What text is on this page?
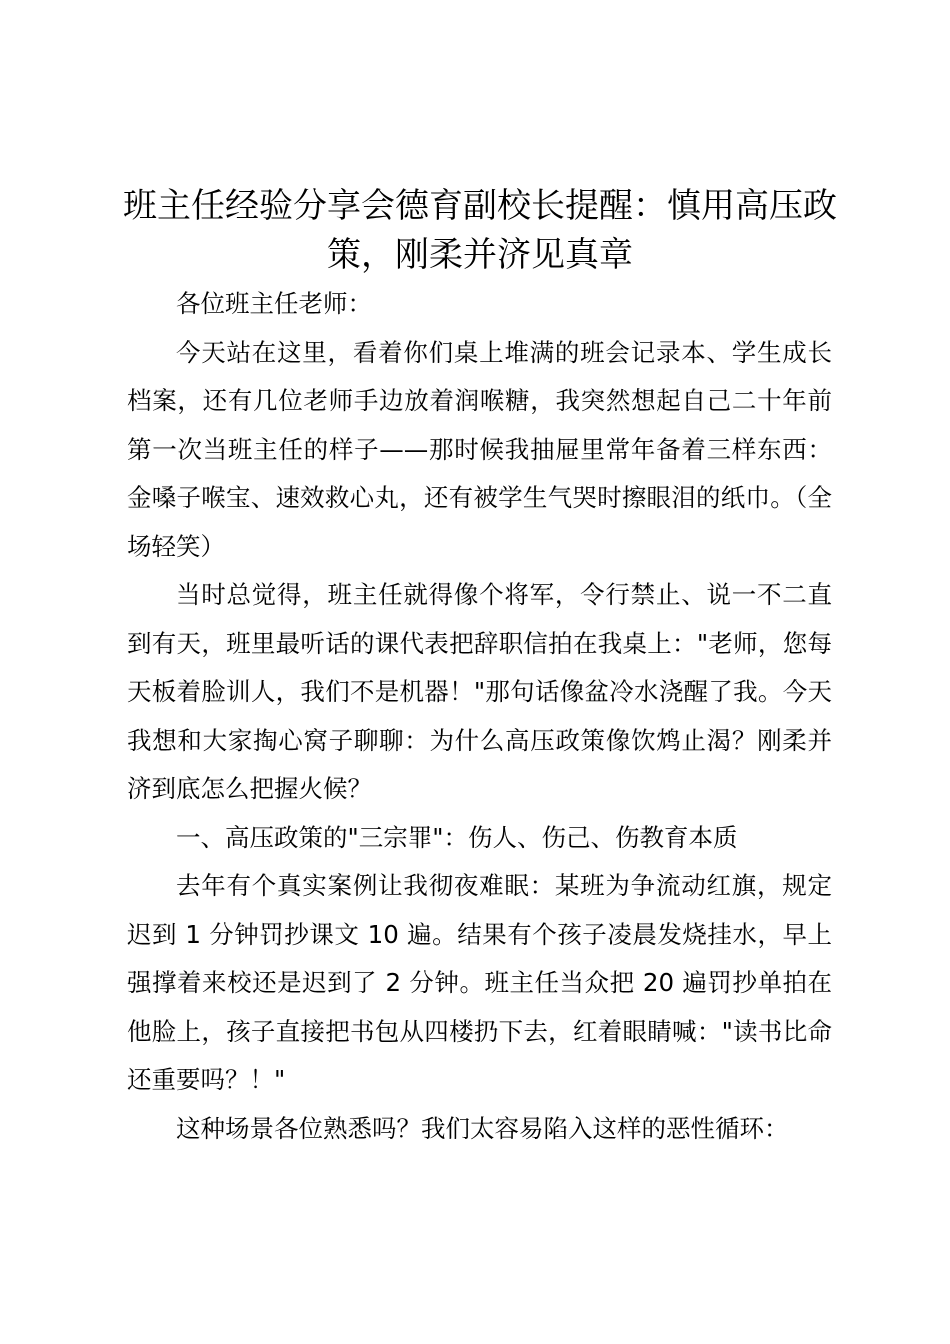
班主任经验分享会德育副校长提醒：慎用高压政策，刚柔并济见真章

各位班主任老师：

今天站在这里，看着你们桌上堆满的班会记录本、学生成长档案，还有几位老师手边放着润喉糖，我突然想起自己二十年前第一次当班主任的样子——那时候我抽屉里常年备着三样东西：金嗓子喉宝、速效救心丸，还有被学生气哭时擦眼泪的纸巾。（全场轻笑）

当时总觉得，班主任就得像个将军，令行禁止、说一不二直到有天，班里最听话的课代表把辞职信拍在我桌上："老师，您每天板着脸训人，我们不是机器！"那句话像盆冷水浇醒了我。今天我想和大家掏心窝子聊聊：为什么高压政策像饮鸩止渴？刚柔并济到底怎么把握火候？

一、高压政策的"三宗罪"：伤人、伤己、伤教育本质

去年有个真实案例让我彻夜难眠：某班为争流动红旗，规定迟到 1 分钟罚抄课文 10 遍。结果有个孩子凌晨发烧挂水，早上强撑着来校还是迟到了 2 分钟。班主任当众把 20 遍罚抄单拍在他脸上，孩子直接把书包从四楼扔下去，红着眼睛喊："读书比命还重要吗？！"

这种场景各位熟悉吗？我们太容易陷入这样的恶性循环：
